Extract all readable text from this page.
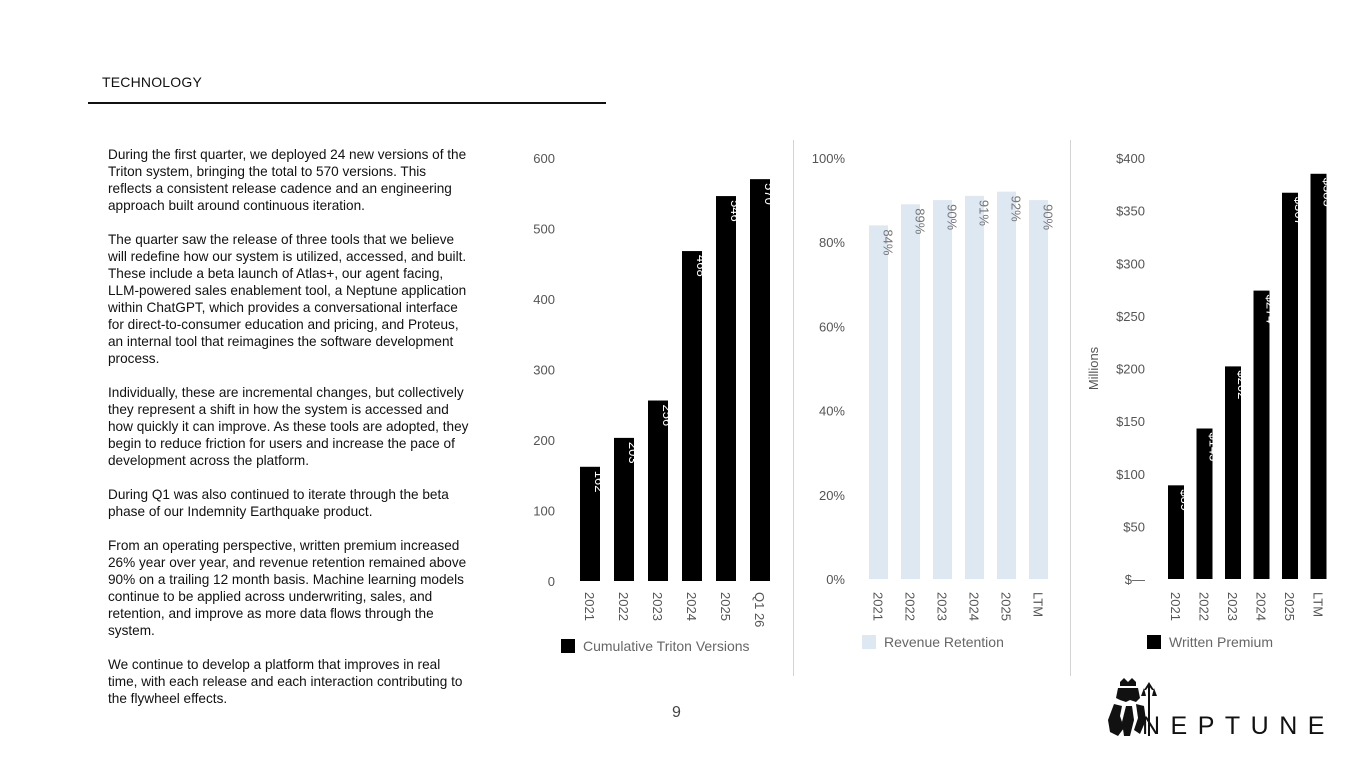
TECHNOLOGY

During the first quarter, we deployed 24 new versions of the Triton system, bringing the total to 570 versions. This reflects a consistent release cadence and an engineering approach built around continuous iteration.

The quarter saw the release of three tools that we believe will redefine how our system is utilized, accessed, and built. These include a beta launch of Atlas+, our agent facing, LLM-powered sales enablement tool, a Neptune application within ChatGPT, which provides a conversational interface for direct-to-consumer education and pricing, and Proteus, an internal tool that reimagines the software development process.

Individually, these are incremental changes, but collectively they represent a shift in how the system is accessed and how quickly it can improve. As these tools are adopted, they begin to reduce friction for users and increase the pace of development across the platform.

During Q1 was also continued to iterate through the beta phase of our Indemnity Earthquake product.

From an operating perspective, written premium increased 26% year over year, and revenue retention remained above 90% on a trailing 12 month basis. Machine learning models continue to be applied across underwriting, sales, and retention, and improve as more data flows through the system.

We continue to develop a platform that improves in real time, with each release and each interaction contributing to the flywheel effects.

0
100
200
300
400
500
600
162
2021
203
2022
256
2023
468
2024
546
2025
570
Q1 26
Cumulative Triton Versions
0%
20%
40%
60%
80%
100%
84%
2021
89%
2022
90%
2023
91%
2024
92%
2025
90%
LTM
Revenue Retention
$—
$50
$100
$150
$200
$250
$300
$350
$400
Millions
$89
2021
$143
2022
$202
2023
$274
2024
$367
2025
$385
LTM
Written Premium
9	NEPTUNE
